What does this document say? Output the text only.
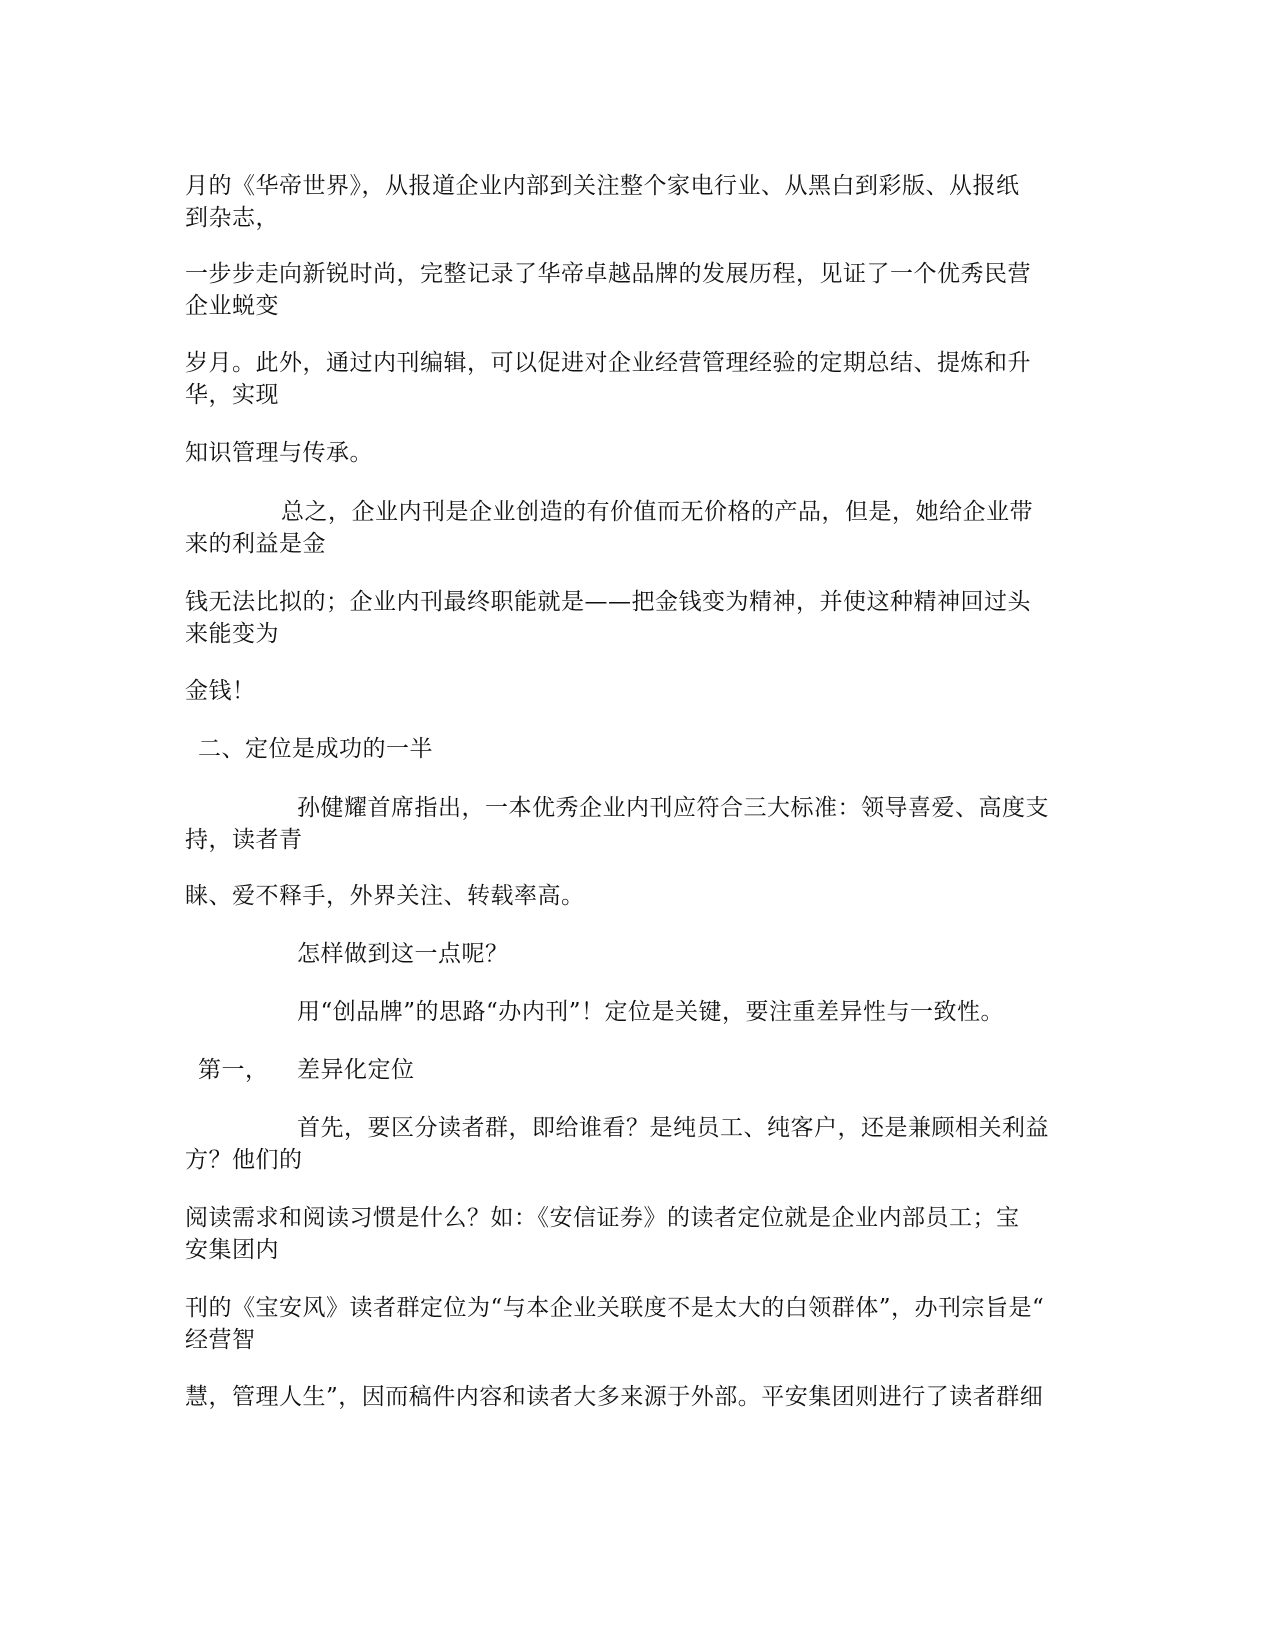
月的《华帝世界》，从报道企业内部到关注整个家电行业、从黑白到彩版、从报纸
到杂志，
一步步走向新锐时尚，完整记录了华帝卓越品牌的发展历程，见证了一个优秀民营
企业蜕变
岁月。此外，通过内刊编辑，可以促进对企业经营管理经验的定期总结、提炼和升
华，实现
知识管理与传承。
总之，企业内刊是企业创造的有价值而无价格的产品，但是，她给企业带
来的利益是金
钱无法比拟的；企业内刊最终职能就是——把金钱变为精神，并使这种精神回过头
来能变为
金钱！
二、定位是成功的一半
孙健耀首席指出，一本优秀企业内刊应符合三大标准：领导喜爱、高度支
持，读者青
睐、爱不释手，外界关注、转载率高。
怎样做到这一点呢？
用“创品牌”的思路“办内刊”！定位是关键，要注重差异性与一致性。
第一， 差异化定位
首先，要区分读者群，即给谁看？是纯员工、纯客户，还是兼顾相关利益
方？他们的
阅读需求和阅读习惯是什么？如：《安信证券》的读者定位就是企业内部员工；宝
安集团内
刊的《宝安风》读者群定位为“与本企业关联度不是太大的白领群体”，办刊宗旨是“
经营智
慧，管理人生”，因而稿件内容和读者大多来源于外部。平安集团则进行了读者群细
